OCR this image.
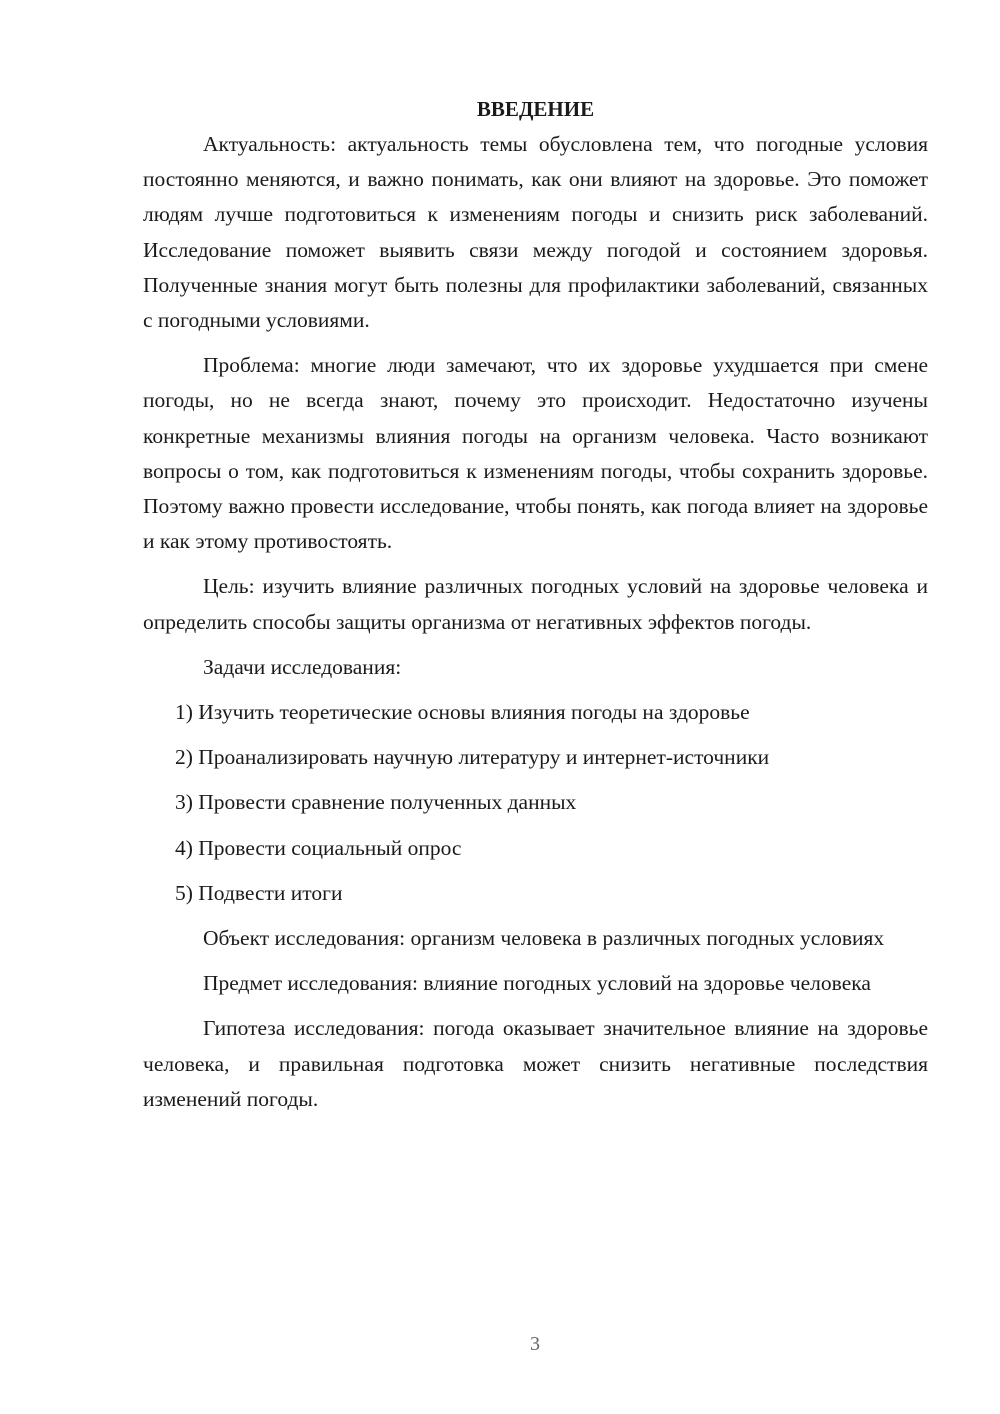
ВВЕДЕНИЕ

Актуальность: актуальность темы обусловлена тем, что погодные условия постоянно меняются, и важно понимать, как они влияют на здоровье. Это поможет людям лучше подготовиться к изменениям погоды и снизить риск заболеваний. Исследование поможет выявить связи между погодой и состоянием здоровья. Полученные знания могут быть полезны для профилактики заболеваний, связанных с погодными условиями.

Проблема: многие люди замечают, что их здоровье ухудшается при смене погоды, но не всегда знают, почему это происходит. Недостаточно изучены конкретные механизмы влияния погоды на организм человека. Часто возникают вопросы о том, как подготовиться к изменениям погоды, чтобы сохранить здоровье. Поэтому важно провести исследование, чтобы понять, как погода влияет на здоровье и как этому противостоять.

Цель: изучить влияние различных погодных условий на здоровье человека и определить способы защиты организма от негативных эффектов погоды.

Задачи исследования:

1) Изучить теоретические основы влияния погоды на здоровье
2) Проанализировать научную литературу и интернет-источники
3) Провести сравнение полученных данных
4) Провести социальный опрос
5) Подвести итоги

Объект исследования: организм человека в различных погодных условиях

Предмет исследования: влияние погодных условий на здоровье человека

Гипотеза исследования: погода оказывает значительное влияние на здоровье человека, и правильная подготовка может снизить негативные последствия изменений погоды.

3
